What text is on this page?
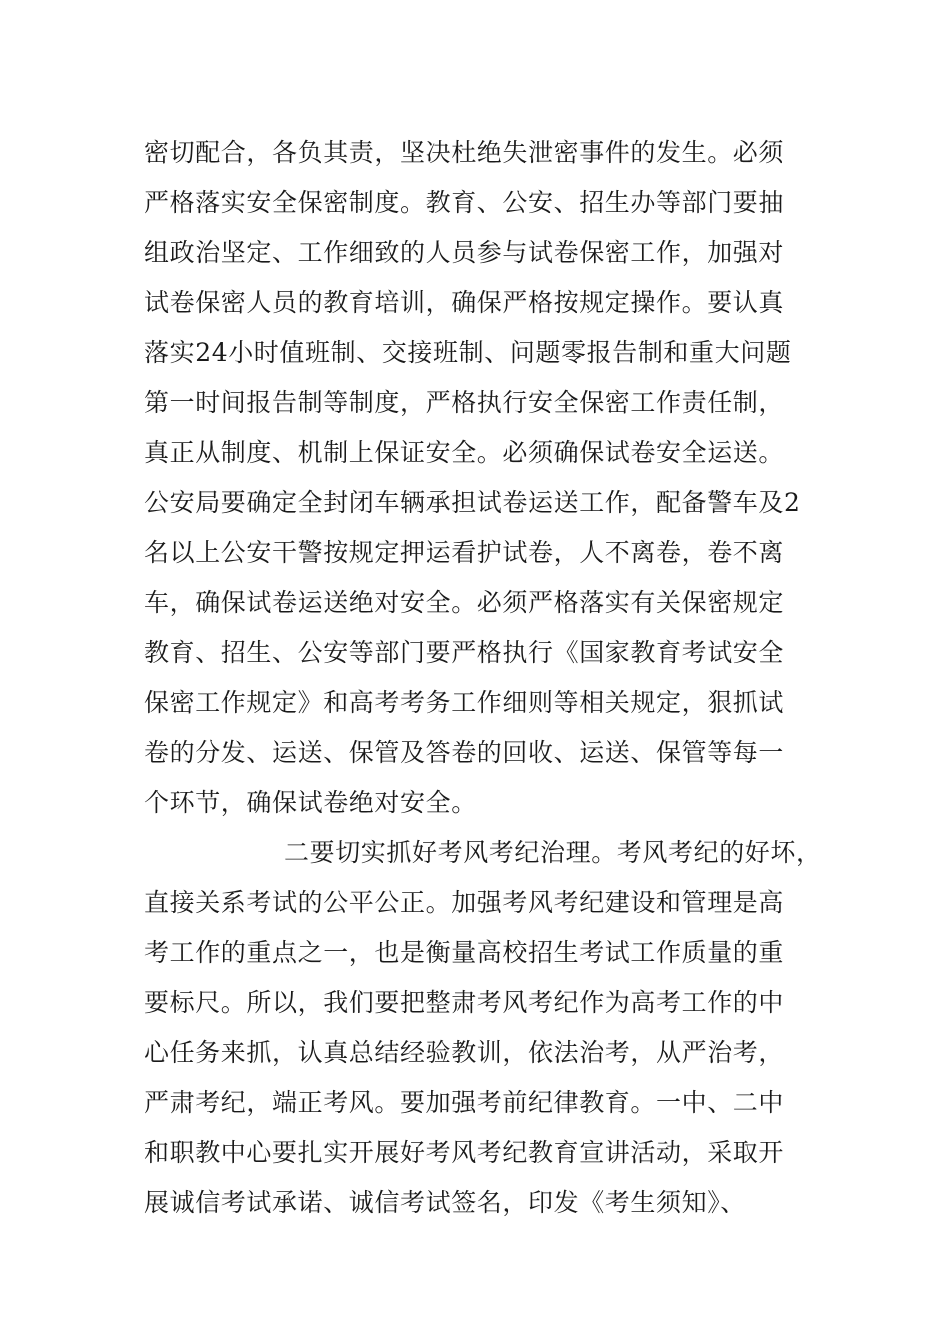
密切配合，各负其责，坚决杜绝失泄密事件的发生。必须
严格落实安全保密制度。教育、公安、招生办等部门要抽
组政治坚定、工作细致的人员参与试卷保密工作，加强对
试卷保密人员的教育培训，确保严格按规定操作。要认真
落实24小时值班制、交接班制、问题零报告制和重大问题
第一时间报告制等制度，严格执行安全保密工作责任制，
真正从制度、机制上保证安全。必须确保试卷安全运送。
公安局要确定全封闭车辆承担试卷运送工作，配备警车及2
名以上公安干警按规定押运看护试卷，人不离卷，卷不离
车，确保试卷运送绝对安全。必须严格落实有关保密规定
教育、招生、公安等部门要严格执行《国家教育考试安全
保密工作规定》和高考考务工作细则等相关规定，狠抓试
卷的分发、运送、保管及答卷的回收、运送、保管等每一
个环节，确保试卷绝对安全。
二要切实抓好考风考纪治理。考风考纪的好坏，
直接关系考试的公平公正。加强考风考纪建设和管理是高
考工作的重点之一，也是衡量高校招生考试工作质量的重
要标尺。所以，我们要把整肃考风考纪作为高考工作的中
心任务来抓，认真总结经验教训，依法治考，从严治考，
严肃考纪，端正考风。要加强考前纪律教育。一中、二中
和职教中心要扎实开展好考风考纪教育宣讲活动，采取开
展诚信考试承诺、诚信考试签名，印发《考生须知》、
